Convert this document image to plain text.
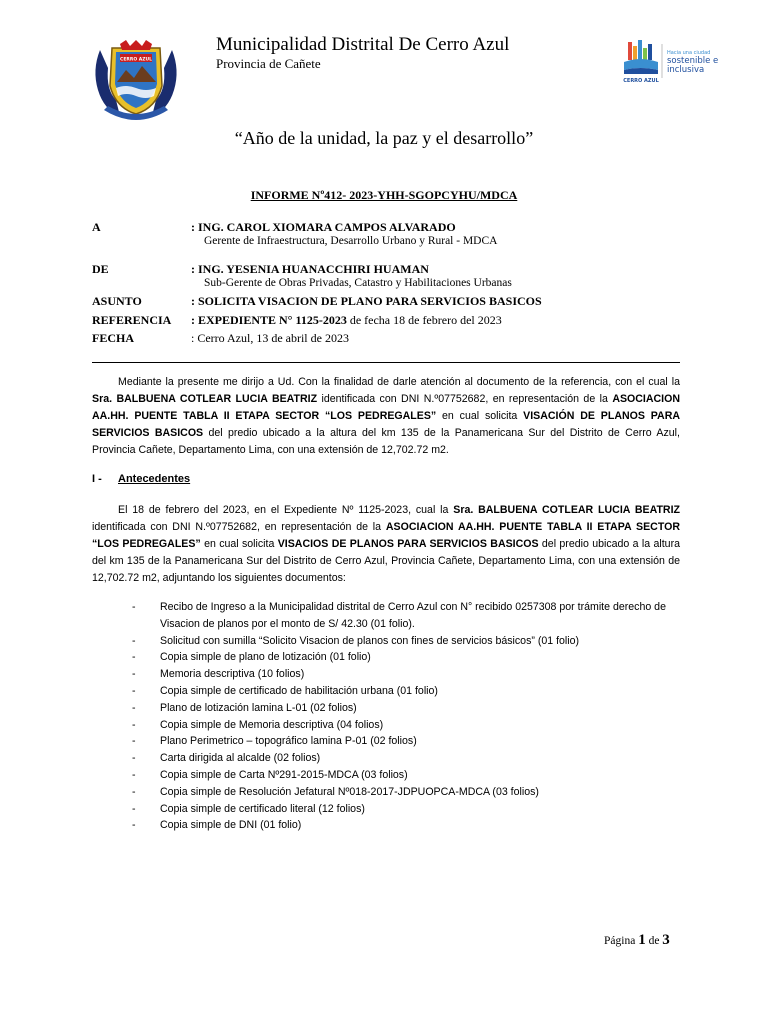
CERRO AZUL
Municipalidad Distrital De Cerro Azul
Provincia de Cañete
CERRO AZUL
Hacia una ciudad
sostenible e
inclusiva
“Año de la unidad, la paz y el desarrollo”
INFORME Nº412- 2023-YHH-SGOPCYHU/MDCA
A	: ING. CAROL XIOMARA CAMPOS ALVARADO
Gerente de Infraestructura, Desarrollo Urbano y Rural - MDCA
DE	: ING. YESENIA HUANACCHIRI HUAMAN
Sub-Gerente de Obras Privadas, Catastro y Habilitaciones Urbanas
ASUNTO	: SOLICITA VISACION DE PLANO PARA SERVICIOS BASICOS
REFERENCIA : EXPEDIENTE N° 1125-2023 de fecha 18 de febrero del 2023
FECHA	: Cerro Azul, 13 de abril de 2023
Mediante la presente me dirijo a Ud. Con la finalidad de darle atención al documento de la referencia, con el cual la Sra. BALBUENA COTLEAR LUCIA BEATRIZ identificada con DNI N.º07752682, en representación de la ASOCIACION AA.HH. PUENTE TABLA II ETAPA SECTOR “LOS PEDREGALES” en cual solicita VISACIÓN DE PLANOS PARA SERVICIOS BASICOS del predio ubicado a la altura del km 135 de la Panamericana Sur del Distrito de Cerro Azul, Provincia Cañete, Departamento Lima, con una extensión de 12,702.72 m2.
I - Antecedentes
El 18 de febrero del 2023, en el Expediente Nº 1125-2023, cual la Sra. BALBUENA COTLEAR LUCIA BEATRIZ identificada con DNI N.º07752682, en representación de la ASOCIACION AA.HH. PUENTE TABLA II ETAPA SECTOR “LOS PEDREGALES” en cual solicita VISACIOS DE PLANOS PARA SERVICIOS BASICOS del predio ubicado a la altura del km 135 de la Panamericana Sur del Distrito de Cerro Azul, Provincia Cañete, Departamento Lima, con una extensión de 12,702.72 m2, adjuntando los siguientes documentos:
- Recibo de Ingreso a la Municipalidad distrital de Cerro Azul con N° recibido 0257308 por trámite derecho de Visacion de planos por el monto de S/ 42.30 (01 folio).
- Solicitud con sumilla “Solicito Visacion de planos con fines de servicios básicos” (01 folio)
- Copia simple de plano de lotización (01 folio)
- Memoria descriptiva (10 folios)
- Copia simple de certificado de habilitación urbana (01 folio)
- Plano de lotización lamina L-01 (02 folios)
- Copia simple de Memoria descriptiva (04 folios)
- Plano Perimetrico – topográfico lamina P-01 (02 folios)
- Carta dirigida al alcalde (02 folios)
- Copia simple de Carta Nº291-2015-MDCA (03 folios)
- Copia simple de Resolución Jefatural Nº018-2017-JDPUOPCA-MDCA (03 folios)
- Copia simple de certificado literal (12 folios)
- Copia simple de DNI (01 folio)
Página 1 de 3
